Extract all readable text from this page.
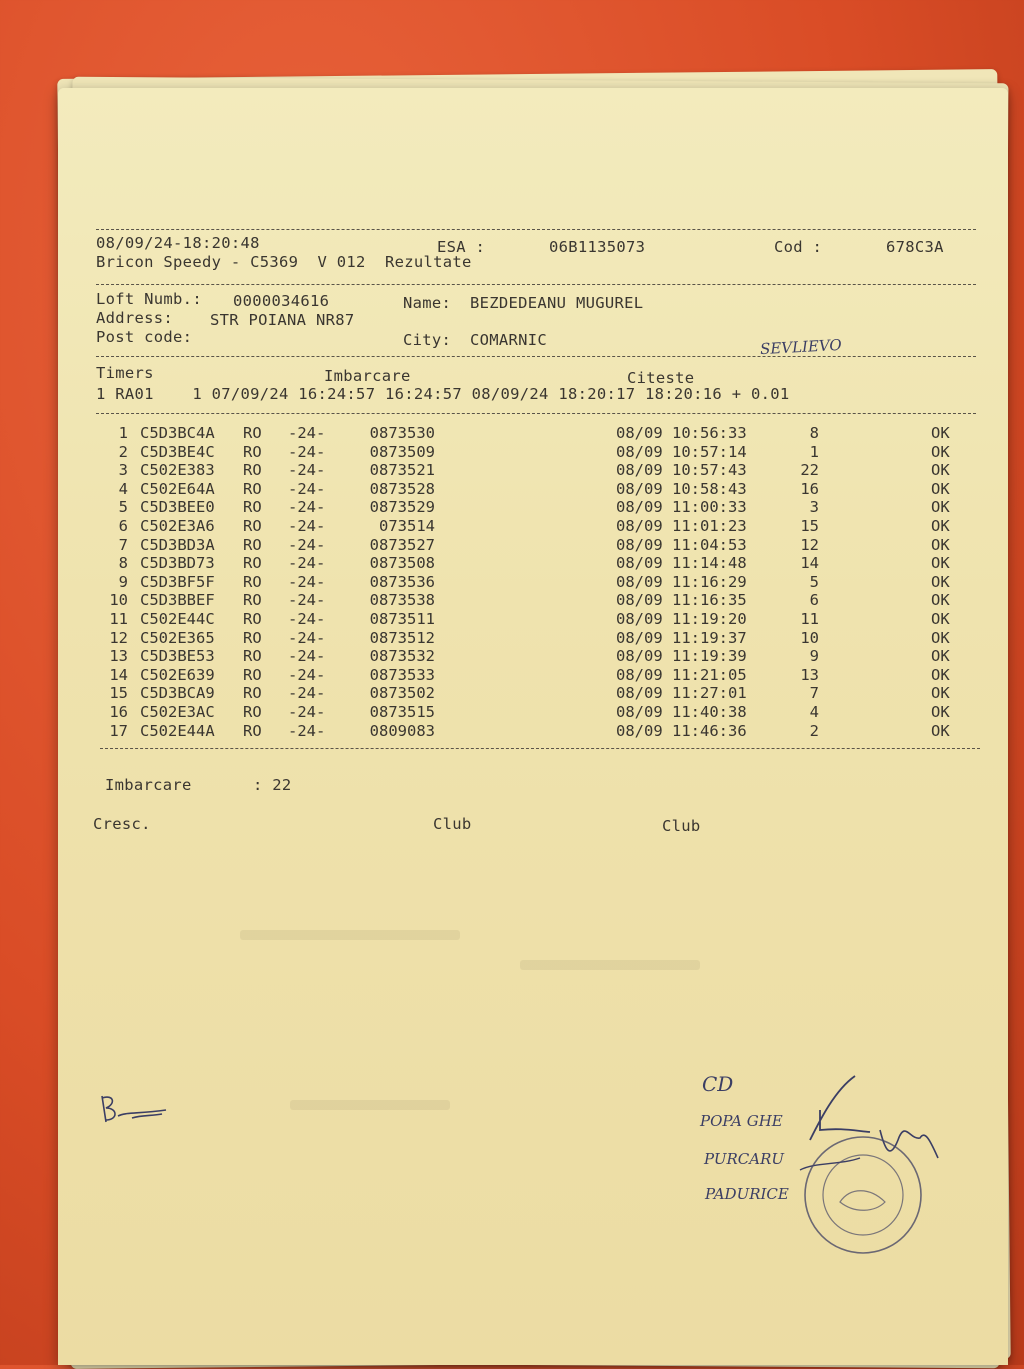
08/09/24-18:20:48	ESA :	06B1135073	Cod :	678C3A
Bricon Speedy - C5369  V 012  Rezultate
Loft Numb.: 0000034616	Name: BEZDEDEANU MUGUREL
Address: STR POIANA NR87
Post code:	City: COMARNIC	SEVLIEVO
Timers	Imbarcare	Citeste
1 RA01    1 07/09/24 16:24:57 16:24:57 08/09/24 18:20:17 18:20:16 + 0.01
1 C5D3BC4A RO -24-	0873530	08/09 10:56:33	8	OK
2 C5D3BE4C RO -24-	0873509	08/09 10:57:14	1	OK
3 C502E383 RO -24-	0873521	08/09 10:57:43	22	OK
4 C502E64A RO -24-	0873528	08/09 10:58:43	16	OK
5 C5D3BEE0 RO -24-	0873529	08/09 11:00:33	3	OK
6 C502E3A6 RO -24-	073514	08/09 11:01:23	15	OK
7 C5D3BD3A RO -24-	0873527	08/09 11:04:53	12	OK
8 C5D3BD73 RO -24-	0873508	08/09 11:14:48	14	OK
9 C5D3BF5F RO -24-	0873536	08/09 11:16:29	5	OK
10 C5D3BBEF RO -24-	0873538	08/09 11:16:35	6	OK
11 C502E44C RO -24-	0873511	08/09 11:19:20	11	OK
12 C502E365 RO -24-	0873512	08/09 11:19:37	10	OK
13 C5D3BE53 RO -24-	0873532	08/09 11:19:39	9	OK
14 C502E639 RO -24-	0873533	08/09 11:21:05	13	OK
15 C5D3BCA9 RO -24-	0873502	08/09 11:27:01	7	OK
16 C502E3AC RO -24-	0873515	08/09 11:40:38	4	OK
17 C502E44A RO -24-	0809083	08/09 11:46:36	2	OK
Imbarcare	: 22
Cresc.	Club	Club
CD
POPA GHE
PURCARU
PADURICE
